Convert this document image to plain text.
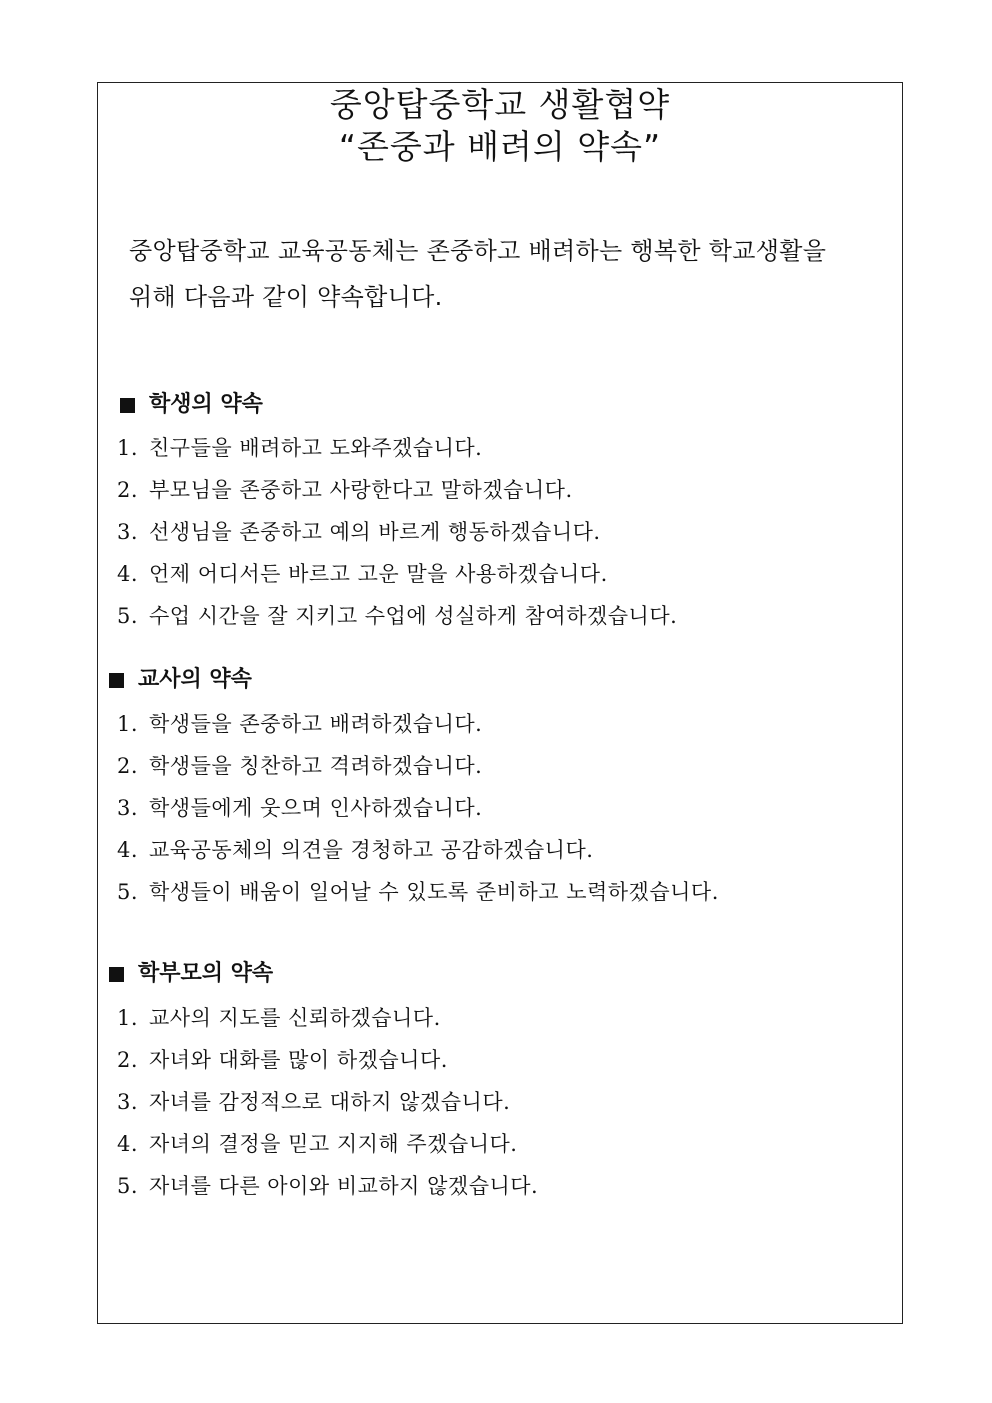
중앙탑중학교 생활협약
“존중과 배려의 약속”
중앙탑중학교 교육공동체는 존중하고 배려하는 행복한 학교생활을
위해 다음과 같이 약속합니다.
학생의 약속
1. 친구들을 배려하고 도와주겠습니다.
2. 부모님을 존중하고 사랑한다고 말하겠습니다.
3. 선생님을 존중하고 예의 바르게 행동하겠습니다.
4. 언제 어디서든 바르고 고운 말을 사용하겠습니다.
5. 수업 시간을 잘 지키고 수업에 성실하게 참여하겠습니다.
교사의 약속
1. 학생들을 존중하고 배려하겠습니다.
2. 학생들을 칭찬하고 격려하겠습니다.
3. 학생들에게 웃으며 인사하겠습니다.
4. 교육공동체의 의견을 경청하고 공감하겠습니다.
5. 학생들이 배움이 일어날 수 있도록 준비하고 노력하겠습니다.
학부모의 약속
1. 교사의 지도를 신뢰하겠습니다.
2. 자녀와 대화를 많이 하겠습니다.
3. 자녀를 감정적으로 대하지 않겠습니다.
4. 자녀의 결정을 믿고 지지해 주겠습니다.
5. 자녀를 다른 아이와 비교하지 않겠습니다.
